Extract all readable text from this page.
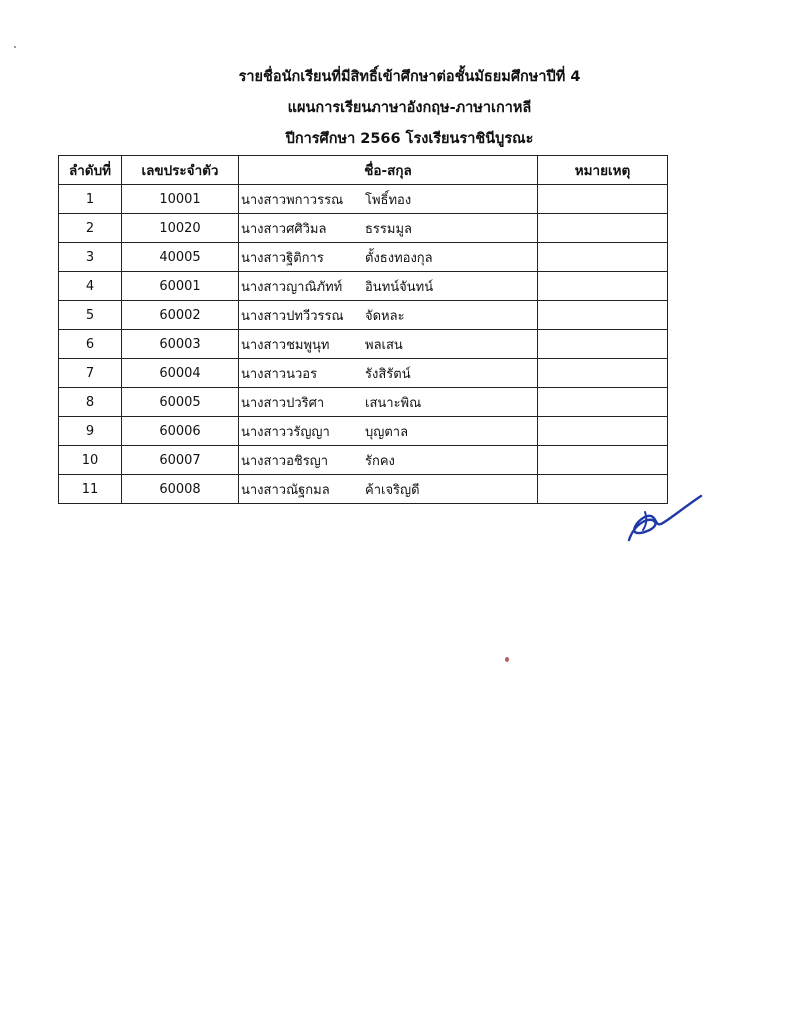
รายชื่อนักเรียนที่มีสิทธิ์เข้าศึกษาต่อชั้นมัธยมศึกษาปีที่ 4
แผนการเรียนภาษาอังกฤษ-ภาษาเกาหลี
ปีการศึกษา 2566 โรงเรียนราชินีบูรณะ
ลำดับที่	เลขประจำตัว	ชื่อ-สกุล	หมายเหตุ
1	10001	นางสาวพกาวรรณ โพธิ์ทอง	
2	10020	นางสาวศศิวิมล ธรรมมูล	
3	40005	นางสาวฐิติการ ตั้งธงทองกุล	
4	60001	นางสาวญาณิภัทท์ อินทน์จันทน์	
5	60002	นางสาวปทวีวรรณ จัดหละ	
6	60003	นางสาวชมพูนุท พลเสน	
7	60004	นางสาวนวอร รังสิรัตน์	
8	60005	นางสาวปวริศา เสนาะพิณ	
9	60006	นางสาววรัญญา บุญตาล	
10	60007	นางสาวอชิรญา รักคง	
11	60008	นางสาวณัฐกมล ค้าเจริญดี	
